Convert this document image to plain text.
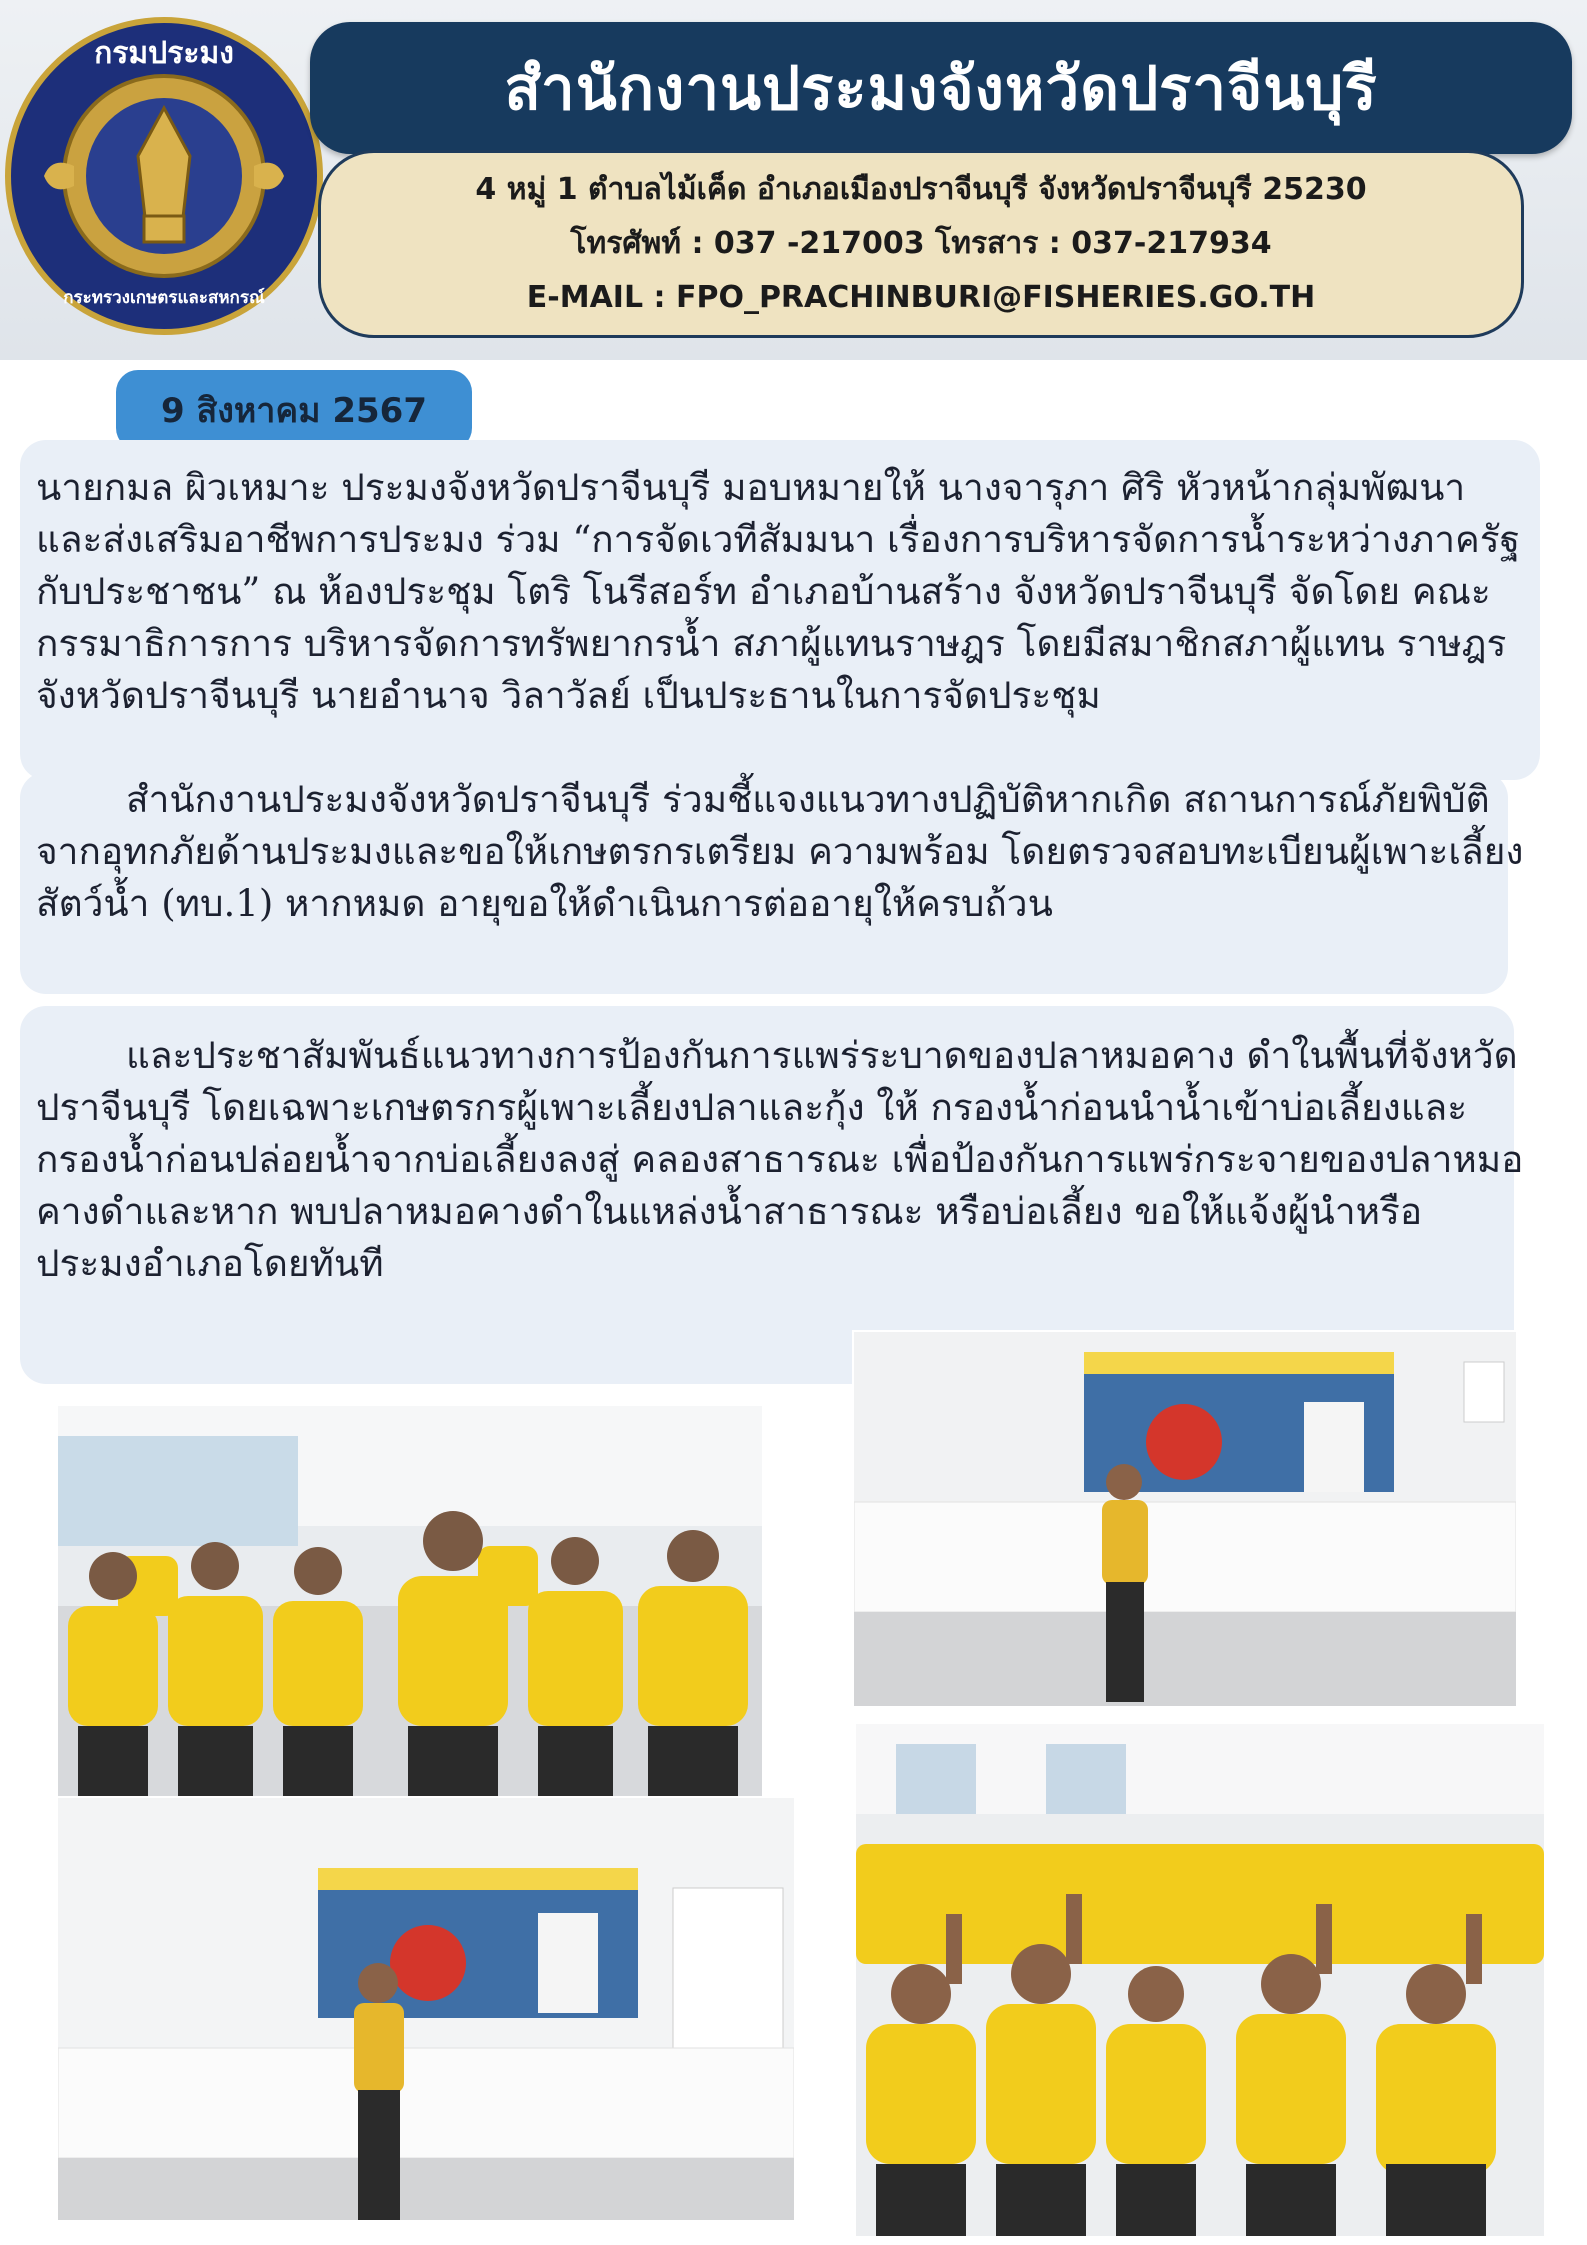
กรมประมง
กระทรวงเกษตรและสหกรณ์
สำนักงานประมงจังหวัดปราจีนบุรี
4 หมู่ 1 ตำบลไม้เค็ด อำเภอเมืองปราจีนบุรี จังหวัดปราจีนบุรี 25230
โทรศัพท์ : 037 -217003 โทรสาร : 037-217934
E-MAIL : FPO_PRACHINBURI@FISHERIES.GO.TH
9 สิงหาคม 2567

นายกมล ผิวเหมาะ ประมงจังหวัดปราจีนบุรี มอบหมายให้ นางจารุภา ศิริ หัวหน้ากลุ่มพัฒนาและส่งเสริมอาชีพการประมง ร่วม “การจัดเวทีสัมมนา เรื่องการบริหารจัดการน้ำระหว่างภาครัฐกับประชาชน” ณ ห้องประชุม โตริ โนรีสอร์ท อำเภอบ้านสร้าง จังหวัดปราจีนบุรี จัดโดย คณะกรรมาธิการการ บริหารจัดการทรัพยากรน้ำ สภาผู้แทนราษฎร โดยมีสมาชิกสภาผู้แทน ราษฎรจังหวัดปราจีนบุรี นายอำนาจ วิลาวัลย์ เป็นประธานในการจัดประชุม

สำนักงานประมงจังหวัดปราจีนบุรี ร่วมชี้แจงแนวทางปฏิบัติหากเกิด สถานการณ์ภัยพิบัติจากอุทกภัยด้านประมงและขอให้เกษตรกรเตรียม ความพร้อม โดยตรวจสอบทะเบียนผู้เพาะเลี้ยงสัตว์น้ำ (ทบ.1) หากหมด อายุขอให้ดำเนินการต่ออายุให้ครบถ้วน

และประชาสัมพันธ์แนวทางการป้องกันการแพร่ระบาดของปลาหมอคาง ดำในพื้นที่จังหวัดปราจีนบุรี โดยเฉพาะเกษตรกรผู้เพาะเลี้ยงปลาและกุ้ง ให้ กรองน้ำก่อนนำน้ำเข้าบ่อเลี้ยงและกรองน้ำก่อนปล่อยน้ำจากบ่อเลี้ยงลงสู่ คลองสาธารณะ เพื่อป้องกันการแพร่กระจายของปลาหมอคางดำและหาก พบปลาหมอคางดำในแหล่งน้ำสาธารณะ หรือบ่อเลี้ยง ขอให้แจ้งผู้นำหรือ ประมงอำเภอโดยทันที
